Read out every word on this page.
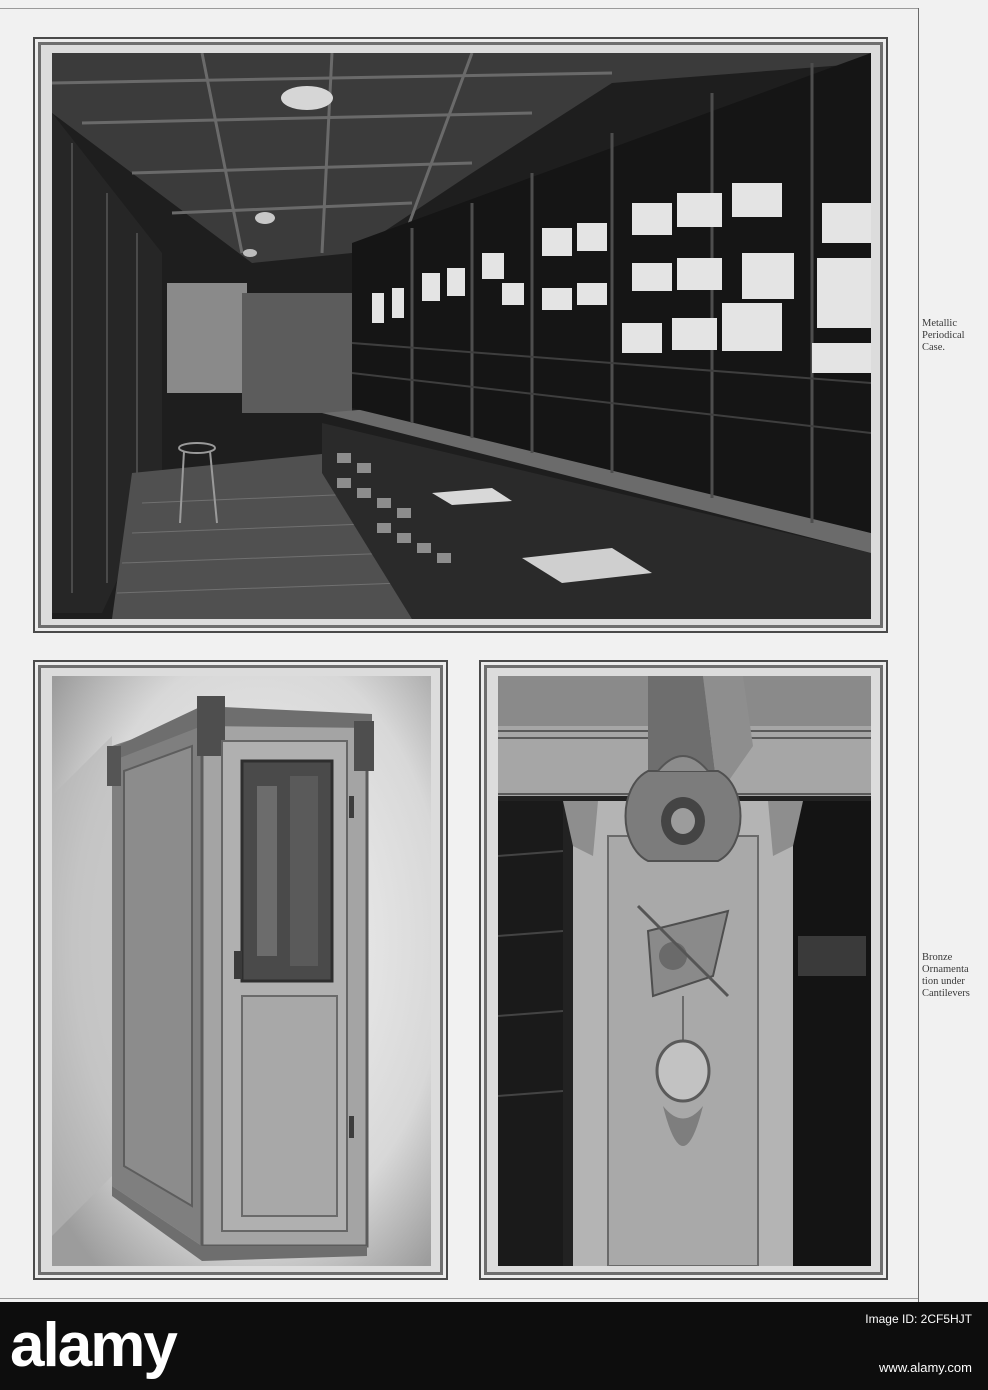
Metallic
Periodical
Case.
Bronze
Ornamenta
tion under
Cantilevers
alamy	Image ID: 2CF5HJT
www.alamy.com
